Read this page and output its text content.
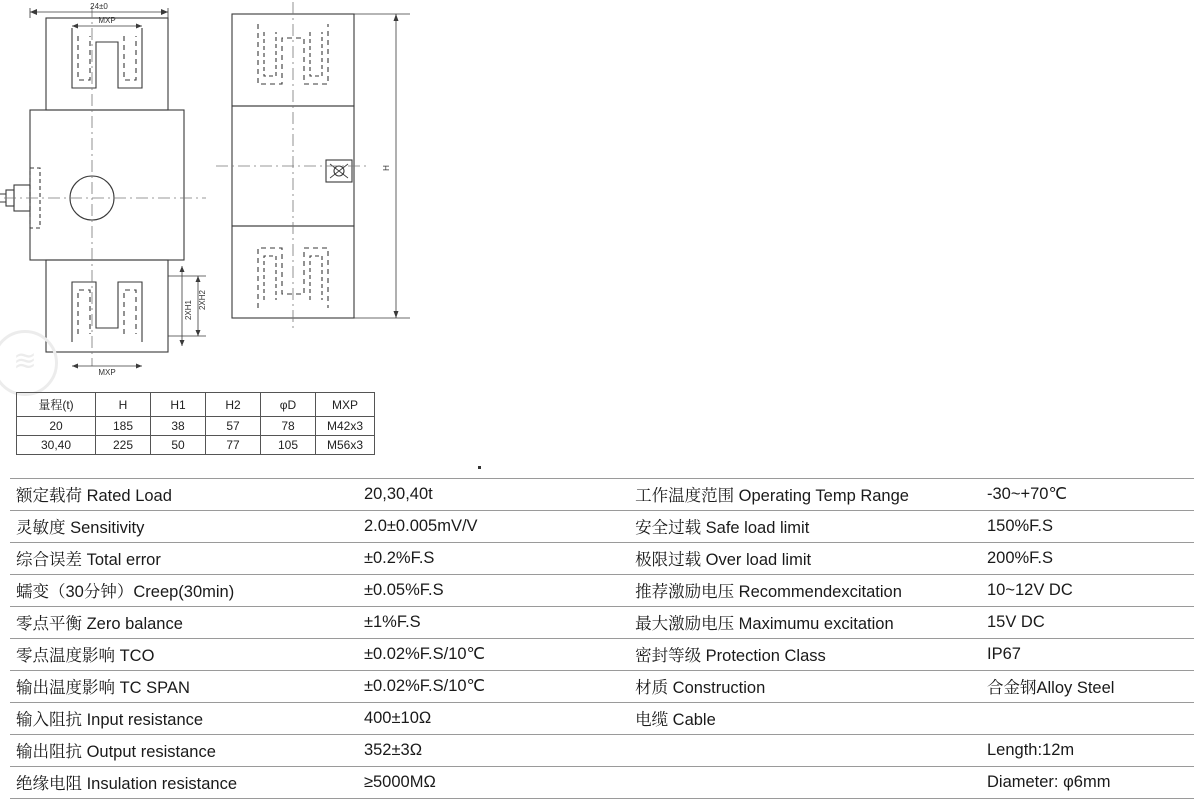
24±0
MXP
MXP
2XH1 2XH2
H
≋
量程(t)	H	H1	H2	φD	MXP
20	185	38	57	78	M42x3
30,40	225	50	77	105	M56x3
额定载荷 Rated Load	20,30,40t	工作温度范围 Operating Temp Range	-30~+70℃
灵敏度 Sensitivity	2.0±0.005mV/V	安全过载 Safe load limit	150%F.S
综合误差 Total error	±0.2%F.S	极限过载 Over load limit	200%F.S
蠕变（30分钟）Creep(30min)	±0.05%F.S	推荐激励电压 Recommendexcitation	10~12V DC
零点平衡 Zero balance	±1%F.S	最大激励电压 Maximumu excitation	15V DC
零点温度影响 TCO	±0.02%F.S/10℃	密封等级 Protection Class	IP67
输出温度影响 TC SPAN	±0.02%F.S/10℃	材质 Construction	合金钢Alloy Steel
输入阻抗 Input resistance	400±10Ω	电缆 Cable	
输出阻抗 Output resistance	352±3Ω		Length:12m
绝缘电阻 Insulation resistance	≥5000MΩ		Diameter: φ6mm
